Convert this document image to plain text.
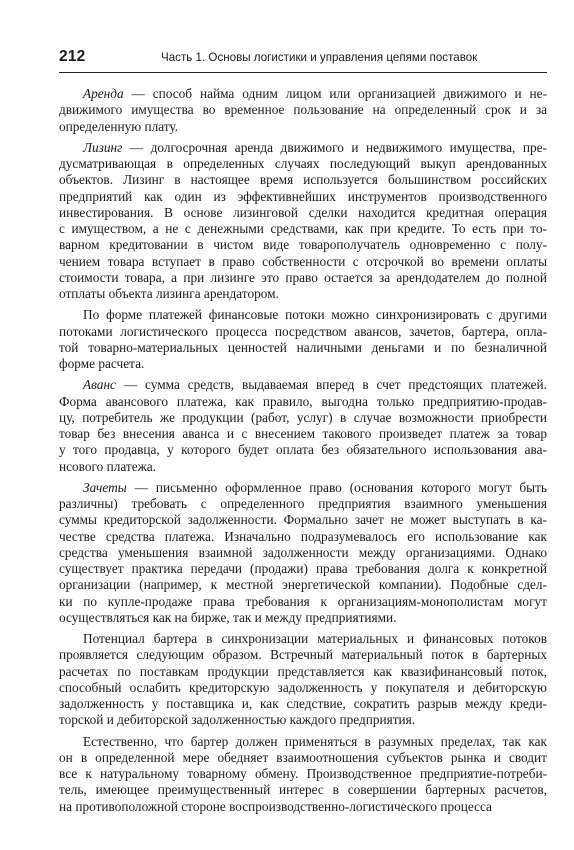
212	Часть 1. Основы логистики и управления цепями поставок

Аренда — способ найма одним лицом или организацией движимого и не-
движимого имущества во временное пользование на определенный срок и за
определенную плату.

Лизинг — долгосрочная аренда движимого и недвижимого имущества, пре-
дусматривающая в определенных случаях последующий выкуп арендованных
объектов. Лизинг в настоящее время используется большинством российских
предприятий как один из эффективнейших инструментов производственного
инвестирования. В основе лизинговой сделки находится кредитная операция
с имуществом, а не с денежными средствами, как при кредите. То есть при то-
варном кредитовании в чистом виде товарополучатель одновременно с полу-
чением товара вступает в право собственности с отсрочкой во времени оплаты
стоимости товара, а при лизинге это право остается за арендодателем до полной
отплаты объекта лизинга арендатором.

По форме платежей финансовые потоки можно синхронизировать с другими
потоками логистического процесса посредством авансов, зачетов, бартера, опла-
той товарно-материальных ценностей наличными деньгами и по безналичной
форме расчета.

Аванс — сумма средств, выдаваемая вперед в счет предстоящих платежей.
Форма авансового платежа, как правило, выгодна только предприятию-продав-
цу, потребитель же продукции (работ, услуг) в случае возможности приобрести
товар без внесения аванса и с внесением такового произведет платеж за товар
у того продавца, у которого будет оплата без обязательного использования ава-
нсового платежа.

Зачеты — письменно оформленное право (основания которого могут быть
различны) требовать с определенного предприятия взаимного уменьшения
суммы кредиторской задолженности. Формально зачет не может выступать в ка-
честве средства платежа. Изначально подразумевалось его использование как
средства уменьшения взаимной задолженности между организациями. Однако
существует практика передачи (продажи) права требования долга к конкретной
организации (например, к местной энергетической компании). Подобные сдел-
ки по купле-продаже права требования к организациям-монополистам могут
осуществляться как на бирже, так и между предприятиями.

Потенциал бартера в синхронизации материальных и финансовых потоков
проявляется следующим образом. Встречный материальный поток в бартерных
расчетах по поставкам продукции представляется как квазифинансовый поток,
способный ослабить кредиторскую задолженность у покупателя и дебиторскую
задолженность у поставщика и, как следствие, сократить разрыв между креди-
торской и дебиторской задолженностью каждого предприятия.

Естественно, что бартер должен применяться в разумных пределах, так как
он в определенной мере обедняет взаимоотношения субъектов рынка и сводит
все к натуральному товарному обмену. Производственное предприятие-потреби-
тель, имеющее преимущественный интерес в совершении бартерных расчетов,
на противоположной стороне воспроизводственно-логистического процесса
